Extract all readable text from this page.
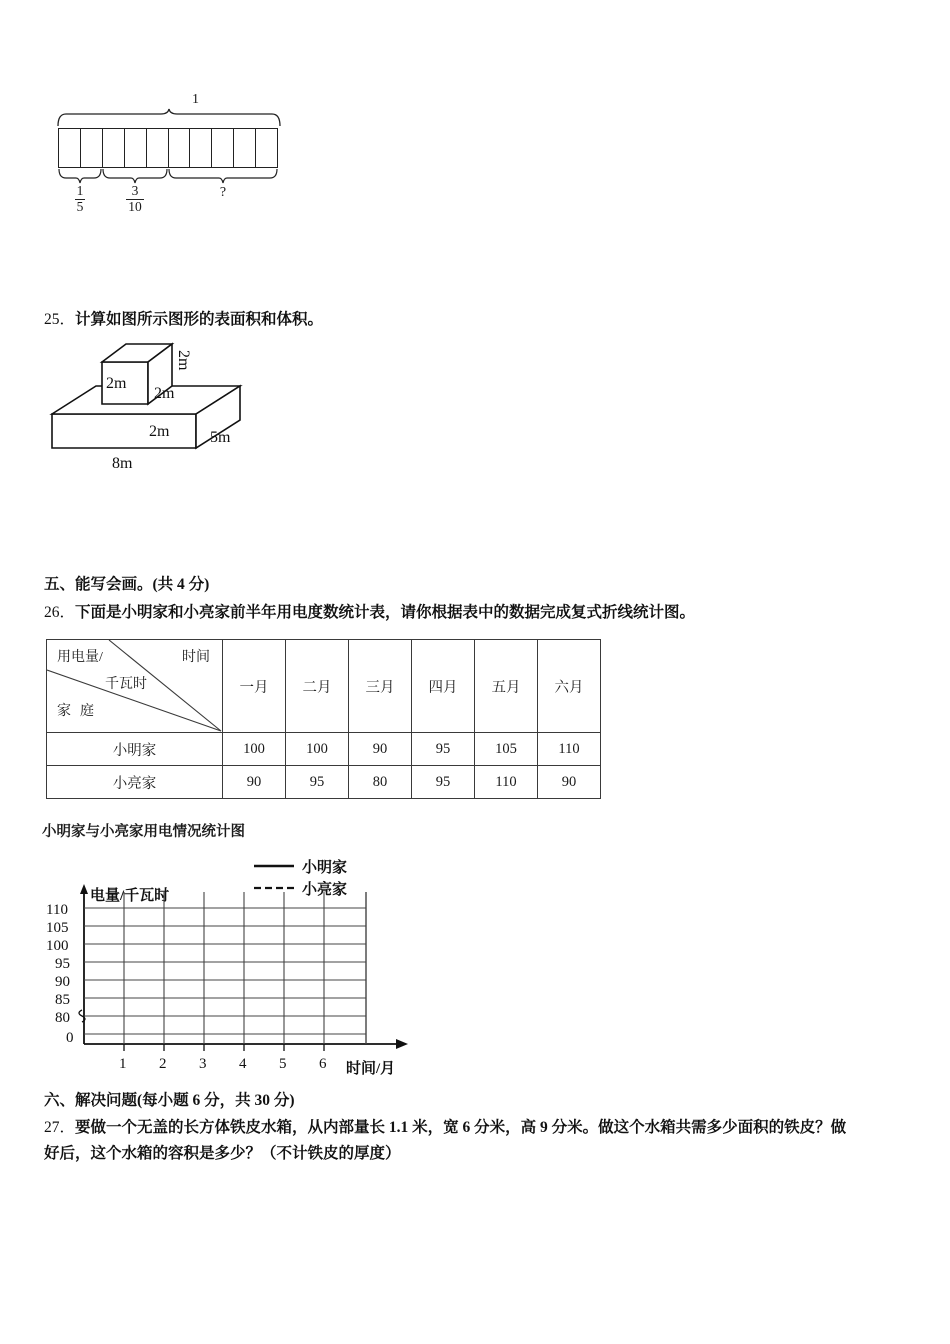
1
$\frac{1}{5}$	$\frac{3}{10}$	?
25．计算如图所示图形的表面积和体积。
2m
2m
2m
2m	5m
8m
五、能写会画。(共 4 分)
26．下面是小明家和小亮家前半年用电度数统计表，请你根据表中的数据完成复式折线统计图。
用电量/ 时间
千瓦时
家庭	一月	二月	三月	四月	五月	六月
小明家	100	100	90	95	105	110
小亮家	90	95	80	95	110	90
小明家与小亮家用电情况统计图
小明家
小亮家
电量/千瓦时
110
105
100
95
90
85
80
0
1 2 3 4 5 6 时间/月
六、解决问题(每小题 6 分，共 30 分)
27．要做一个无盖的长方体铁皮水箱，从内部量长 1.1 米，宽 6 分米，高 9 分米。做这个水箱共需多少面积的铁皮？做
好后，这个水箱的容积是多少？（不计铁皮的厚度）
